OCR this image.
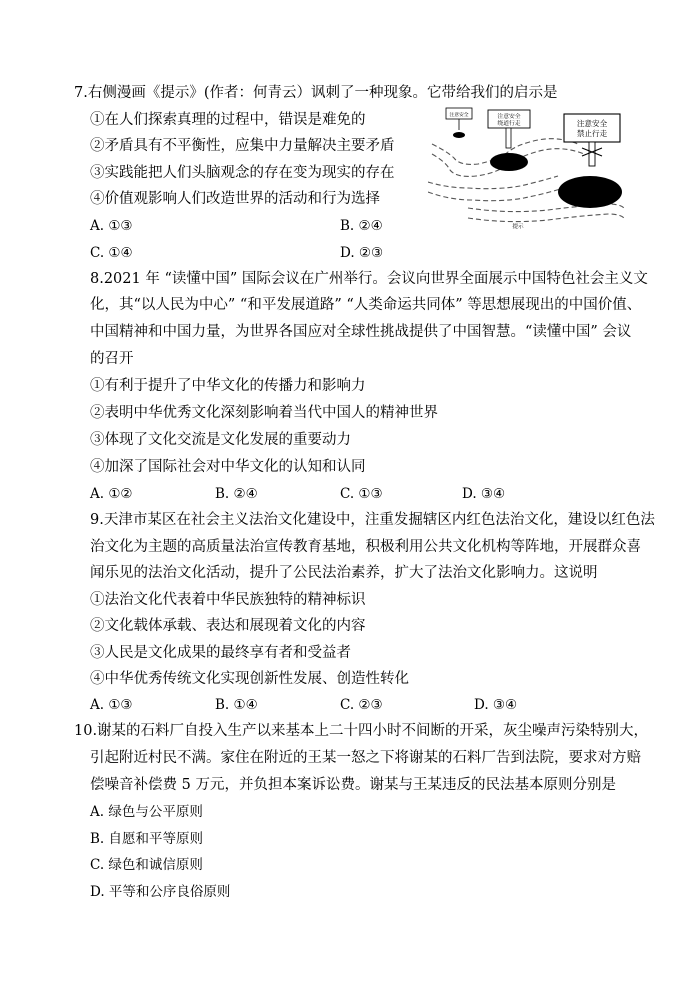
7.右侧漫画《提示》(作者：何青云）讽刺了一种现象。它带给我们的启示是
①在人们探索真理的过程中，错误是难免的
②矛盾具有不平衡性，应集中力量解决主要矛盾
③实践能把人们头脑观念的存在变为现实的存在
④价值观影响人们改造世界的活动和行为选择
A. ①③	B. ②④
C. ①④	D. ②③
注意安全	注意安全
绕道行走	注意安全
禁止行走
提示
8.2021 年 “读懂中国” 国际会议在广州举行。会议向世界全面展示中国特色社会主义文
化，其“以人民为中心” “和平发展道路” “人类命运共同体” 等思想展现出的中国价值、
中国精神和中国力量，为世界各国应对全球性挑战提供了中国智慧。“读懂中国” 会议
的召开
①有利于提升了中华文化的传播力和影响力
②表明中华优秀文化深刻影响着当代中国人的精神世界
③体现了文化交流是文化发展的重要动力
④加深了国际社会对中华文化的认知和认同
A. ①②	B. ②④	C. ①③	D. ③④
9.天津市某区在社会主义法治文化建设中，注重发掘辖区内红色法治文化，建设以红色法
治文化为主题的高质量法治宣传教育基地，积极利用公共文化机构等阵地，开展群众喜
闻乐见的法治文化活动，提升了公民法治素养，扩大了法治文化影响力。这说明
①法治文化代表着中华民族独特的精神标识
②文化载体承载、表达和展现着文化的内容
③人民是文化成果的最终享有者和受益者
④中华优秀传统文化实现创新性发展、创造性转化
A. ①③	B. ①④	C. ②③	D. ③④
10.谢某的石料厂自投入生产以来基本上二十四小时不间断的开采，灰尘噪声污染特别大，
引起附近村民不满。家住在附近的王某一怒之下将谢某的石料厂告到法院，要求对方赔
偿噪音补偿费 5 万元，并负担本案诉讼费。谢某与王某违反的民法基本原则分别是
A. 绿色与公平原则
B. 自愿和平等原则
C. 绿色和诚信原则
D. 平等和公序良俗原则
